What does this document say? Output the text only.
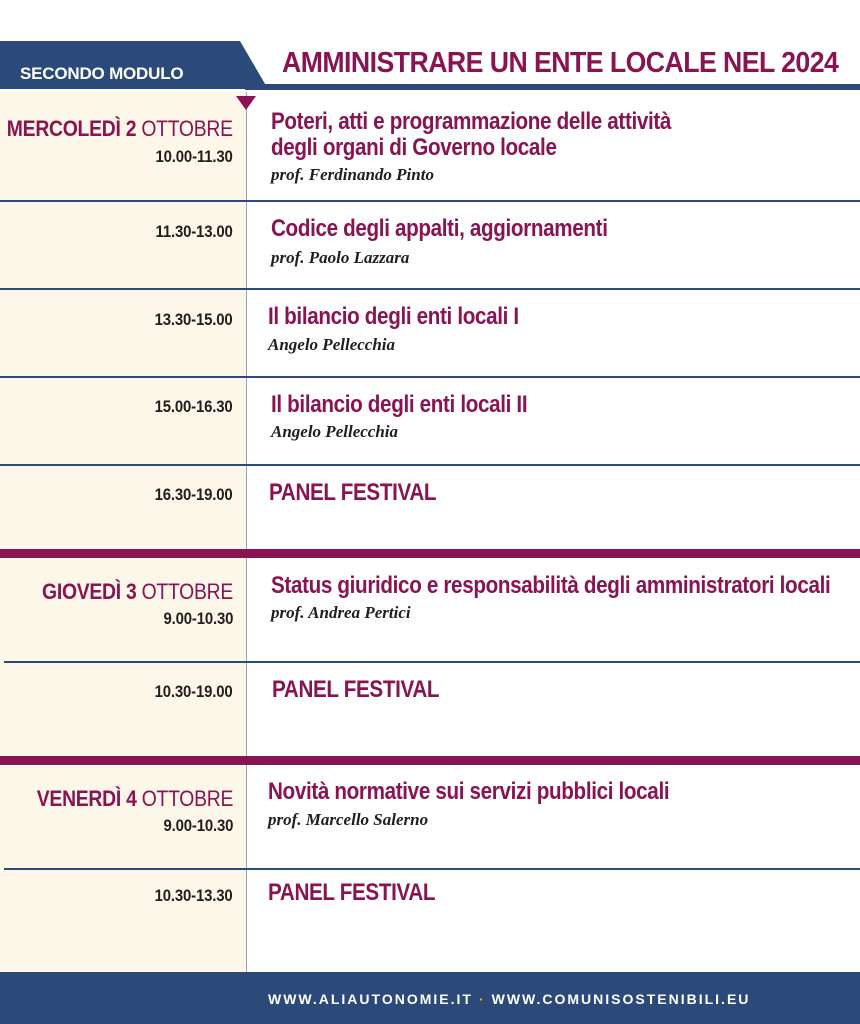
SECONDO MODULO	AMMINISTRARE UN ENTE LOCALE NEL 2024
MERCOLEDÌ 2 OTTOBRE
10.00-11.30
Poteri, atti e programmazione delle attività
degli organi di Governo locale
prof. Ferdinando Pinto
11.30-13.00 Codice degli appalti, aggiornamenti
prof. Paolo Lazzara
13.30-15.00 Il bilancio degli enti locali I
Angelo Pellecchia
15.00-16.30 Il bilancio degli enti locali II
Angelo Pellecchia
16.30-19.00 PANEL FESTIVAL
GIOVEDÌ 3 OTTOBRE
9.00-10.30
Status giuridico e responsabilità degli amministratori locali
prof. Andrea Pertici
10.30-19.00 PANEL FESTIVAL
VENERDÌ 4 OTTOBRE
9.00-10.30
Novità normative sui servizi pubblici locali
prof. Marcello Salerno
10.30-13.30 PANEL FESTIVAL
WWW.ALIAUTONOMIE.IT · WWW.COMUNISOSTENIBILI.EU
